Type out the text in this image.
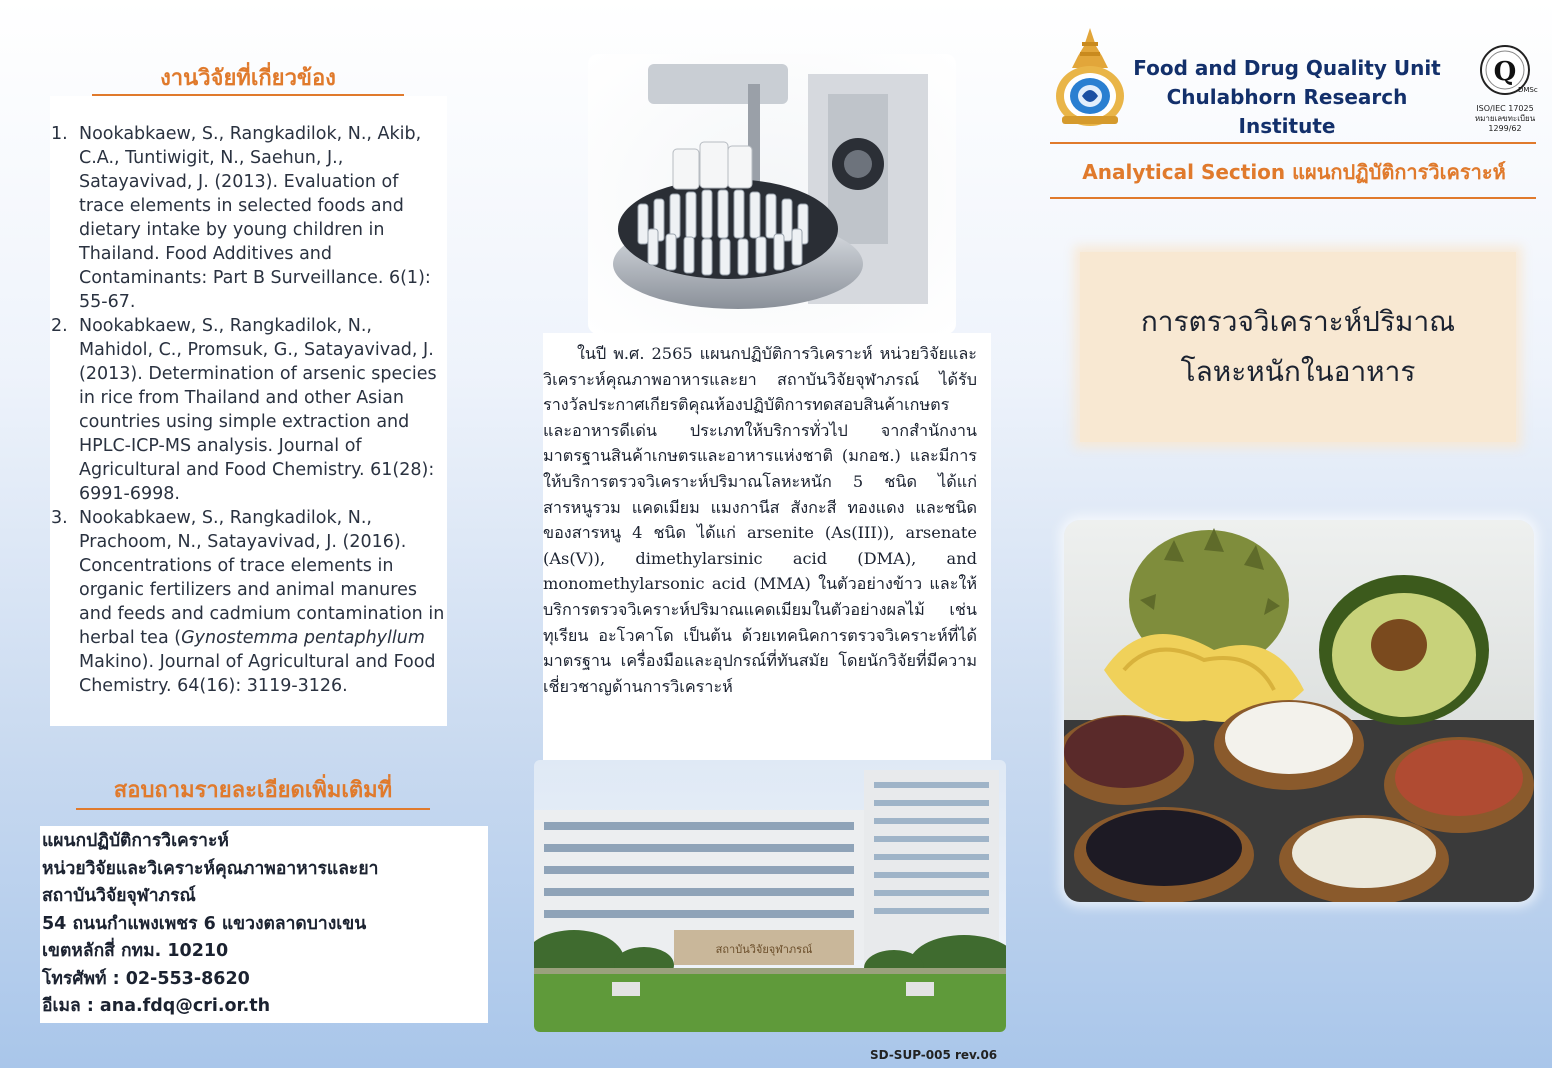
งานวิจัยที่เกี่ยวข้อง
1. Nookabkaew, S., Rangkadilok, N., Akib, C.A., Tuntiwigit, N., Saehun, J., Satayavivad, J. (2013). Evaluation of trace elements in selected foods and dietary intake by young children in Thailand. Food Additives and Contaminants: Part B Surveillance. 6(1): 55-67.
2. Nookabkaew, S., Rangkadilok, N., Mahidol, C., Promsuk, G., Satayavivad, J. (2013). Determination of arsenic species in rice from Thailand and other Asian countries using simple extraction and HPLC-ICP-MS analysis. Journal of Agricultural and Food Chemistry. 61(28): 6991-6998.
3. Nookabkaew, S., Rangkadilok, N., Prachoom, N., Satayavivad, J. (2016). Concentrations of trace elements in organic fertilizers and animal manures and feeds and cadmium contamination in herbal tea (Gynostemma pentaphyllum Makino). Journal of Agricultural and Food Chemistry. 64(16): 3119-3126.
สอบถามรายละเอียดเพิ่มเติมที่
แผนกปฏิบัติการวิเคราะห์
หน่วยวิจัยและวิเคราะห์คุณภาพอาหารและยา
สถาบันวิจัยจุฬาภรณ์
54 ถนนกำแพงเพชร 6 แขวงตลาดบางเขน
เขตหลักสี่ กทม. 10210
โทรศัพท์ : 02-553-8620
อีเมล : ana.fdq@cri.or.th

ในปี พ.ศ. 2565 แผนกปฏิบัติการวิเคราะห์ หน่วยวิจัยและวิเคราะห์คุณภาพอาหารและยา สถาบันวิจัยจุฬาภรณ์ ได้รับรางวัลประกาศเกียรติคุณห้องปฏิบัติการทดสอบสินค้าเกษตรและอาหารดีเด่น ประเภทให้บริการทั่วไป จากสำนักงานมาตรฐานสินค้าเกษตรและอาหารแห่งชาติ (มกอช.) และมีการให้บริการตรวจวิเคราะห์ปริมาณโลหะหนัก 5 ชนิด ได้แก่ สารหนูรวม แคดเมียม แมงกานีส สังกะสี ทองแดง และชนิดของสารหนู 4 ชนิด ได้แก่ arsenite (As(III)), arsenate (As(V)), dimethylarsinic acid (DMA), and monomethylarsonic acid (MMA) ในตัวอย่างข้าว และให้บริการตรวจวิเคราะห์ปริมาณแคดเมียมในตัวอย่างผลไม้ เช่น ทุเรียน อะโวคาโด เป็นต้น ด้วยเทคนิคการตรวจวิเคราะห์ที่ได้มาตรฐาน เครื่องมือและอุปกรณ์ที่ทันสมัย โดยนักวิจัยที่มีความเชี่ยวชาญด้านการวิเคราะห์

สถาบันวิจัยจุฬาภรณ์
SD-SUP-005 rev.06
Food and Drug Quality Unit
Chulabhorn Research Institute
Q
DMSc
ISO/IEC 17025
หมายเลขทะเบียน 1299/62
Analytical Section แผนกปฏิบัติการวิเคราะห์
การตรวจวิเคราะห์ปริมาณ
โลหะหนักในอาหาร
